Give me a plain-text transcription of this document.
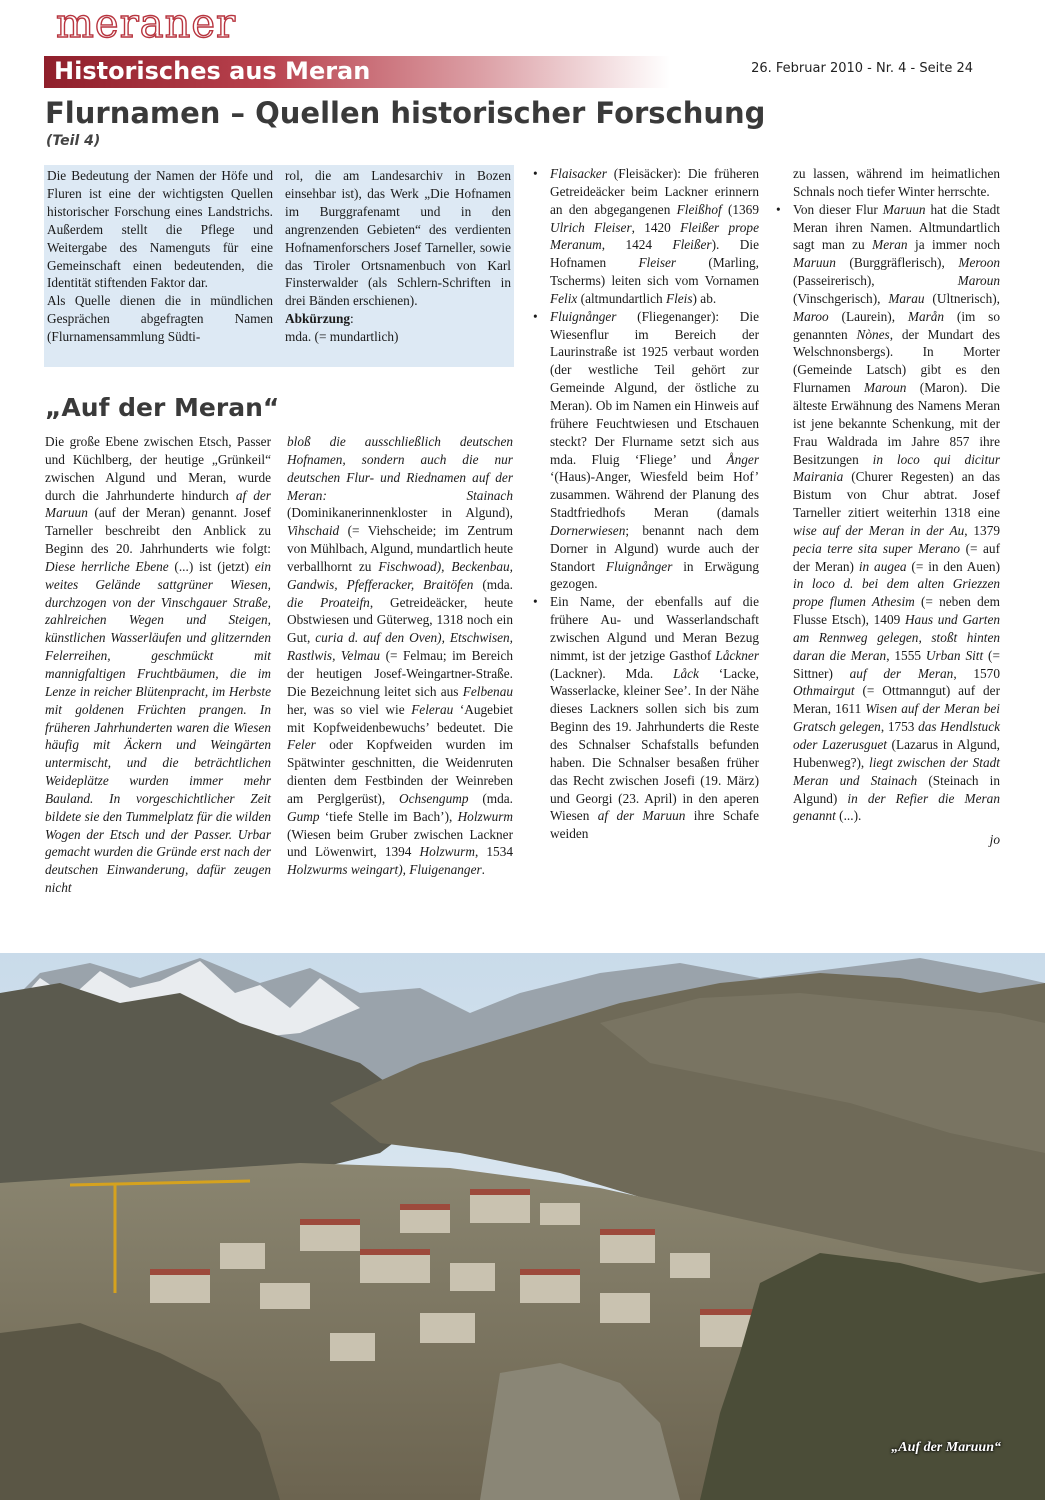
meraner
Historisches aus Meran	26. Februar 2010 - Nr. 4 - Seite 24
Flurnamen – Quellen historischer Forschung
(Teil 4)

Die Bedeutung der Namen der Höfe und Fluren ist eine der wichtigsten Quellen historischer Forschung eines Landstrichs. Außerdem stellt die Pflege und Weitergabe des Namenguts für eine Gemeinschaft einen bedeutenden, die Identität stiftenden Faktor dar.

Als Quelle dienen die in mündlichen Gesprächen abgefragten Namen (Flurnamensammlung Südti-

rol, die am Landesarchiv in Bozen einsehbar ist), das Werk „Die Hofnamen im Burggrafenamt und in den angrenzenden Gebieten“ des verdienten Hofnamenforschers Josef Tarneller, sowie das Tiroler Ortsnamenbuch von Karl Finsterwalder (als Schlern-Schriften in drei Bänden erschienen).

Abkürzung:
mda. (= mundartlich)

„Auf der Meran“

Die große Ebene zwischen Etsch, Passer und Küchlberg, der heutige „Grünkeil“ zwischen Algund und Meran, wurde durch die Jahrhunderte hindurch af der Maruun (auf der Meran) genannt. Josef Tarneller beschreibt den Anblick zu Beginn des 20. Jahrhunderts wie folgt: Diese herrliche Ebene (...) ist (jetzt) ein weites Gelände sattgrüner Wiesen, durchzogen von der Vinschgauer Straße, zahlreichen Wegen und Steigen, künstlichen Wasserläufen und glitzernden Felerreihen, geschmückt mit mannigfaltigen Fruchtbäumen, die im Lenze in reicher Blütenpracht, im Herbste mit goldenen Früchten prangen. In früheren Jahrhunderten waren die Wiesen häufig mit Äckern und Weingärten untermischt, und die beträchtlichen Weideplätze wurden immer mehr Bauland. In vorgeschichtlicher Zeit bildete sie den Tummelplatz für die wilden Wogen der Etsch und der Passer. Urbar gemacht wurden die Gründe erst nach der deutschen Einwanderung, dafür zeugen nicht

bloß die ausschließlich deutschen Hofnamen, sondern auch die nur deutschen Flur- und Riednamen auf der Meran: Stainach (Dominikanerinnenkloster in Algund), Vihschaid (= Viehscheide; im Zentrum von Mühlbach, Algund, mundartlich heute verballhornt zu Fischwoad), Beckenbau, Gandwis, Pfefferacker, Braitöfen (mda. die Proateifn, Getreideäcker, heute Obstwiesen und Güterweg, 1318 noch ein Gut, curia d. auf den Oven), Etschwisen, Rastlwis, Velmau (= Felmau; im Bereich der heutigen Josef-Weingartner-Straße. Die Bezeichnung leitet sich aus Felbenau her, was so viel wie Felerau ‘Augebiet mit Kopfweidenbewuchs’ bedeutet. Die Feler oder Kopfweiden wurden im Spätwinter geschnitten, die Weidenruten dienten dem Festbinden der Weinreben am Perglgerüst), Ochsengump (mda. Gump ‘tiefe Stelle im Bach’), Holzwurm (Wiesen beim Gruber zwischen Lackner und Löwenwirt, 1394 Holzwurm, 1534 Holzwurms weingart), Fluigenanger.

• Flaisacker (Fleisäcker): Die früheren Getreideäcker beim Lackner erinnern an den abgegangenen Fleißhof (1369 Ulrich Fleiser, 1420 Fleißer prope Meranum, 1424 Fleißer). Die Hofnamen Fleiser (Marling, Tscherms) leiten sich vom Vornamen Felix (altmundartlich Fleis) ab.
• Fluignånger (Fliegenanger): Die Wiesenflur im Bereich der Laurinstraße ist 1925 verbaut worden (der westliche Teil gehört zur Gemeinde Algund, der östliche zu Meran). Ob im Namen ein Hinweis auf frühere Feuchtwiesen und Etschauen steckt? Der Flurname setzt sich aus mda. Fluig ‘Fliege’ und Ånger ‘(Haus)-Anger, Wiesfeld beim Hof’ zusammen. Während der Planung des Stadtfriedhofs Meran (damals Dornerwiesen; benannt nach dem Dorner in Algund) wurde auch der Standort Fluignånger in Erwägung gezogen.
• Ein Name, der ebenfalls auf die frühere Au- und Wasserlandschaft zwischen Algund und Meran Bezug nimmt, ist der jetzige Gasthof Låckner (Lackner). Mda. Låck ‘Lacke, Wasserlacke, kleiner See’. In der Nähe dieses Lackners sollen sich bis zum Beginn des 19. Jahrhunderts die Reste des Schnalser Schafstalls befunden haben. Die Schnalser besaßen früher das Recht zwischen Josefi (19. März) und Georgi (23. April) in den aperen Wiesen af der Maruun ihre Schafe weiden

zu lassen, während im heimatlichen Schnals noch tiefer Winter herrschte.

• Von dieser Flur Maruun hat die Stadt Meran ihren Namen. Altmundartlich sagt man zu Meran ja immer noch Maruun (Burggräflerisch), Meroon (Passeirerisch), Maroun (Vinschgerisch), Marau (Ultnerisch), Maroo (Laurein), Marån (im so genannten Nònes, der Mundart des Welschnonsbergs). In Morter (Gemeinde Latsch) gibt es den Flurnamen Maroun (Maron). Die älteste Erwähnung des Namens Meran ist jene bekannte Schenkung, mit der Frau Waldrada im Jahre 857 ihre Besitzungen in loco qui dicitur Mairania (Churer Regesten) an das Bistum von Chur abtrat. Josef Tarneller zitiert weiterhin 1318 eine wise auf der Meran in der Au, 1379 pecia terre sita super Merano (= auf der Meran) in augea (= in den Auen) in loco d. bei dem alten Griezzen prope flumen Athesim (= neben dem Flusse Etsch), 1409 Haus und Garten am Rennweg gelegen, stoßt hinten daran die Meran, 1555 Urban Sitt (= Sittner) auf der Meran, 1570 Othmairgut (= Ottmanngut) auf der Meran, 1611 Wisen auf der Meran bei Gratsch gelegen, 1753 das Hendlstuck oder Lazerusguet (Lazarus in Algund, Hubenweg?), liegt zwischen der Stadt Meran und Stainach (Steinach in Algund) in der Refier die Meran genannt (...).

jo

„Auf der Maruun“
